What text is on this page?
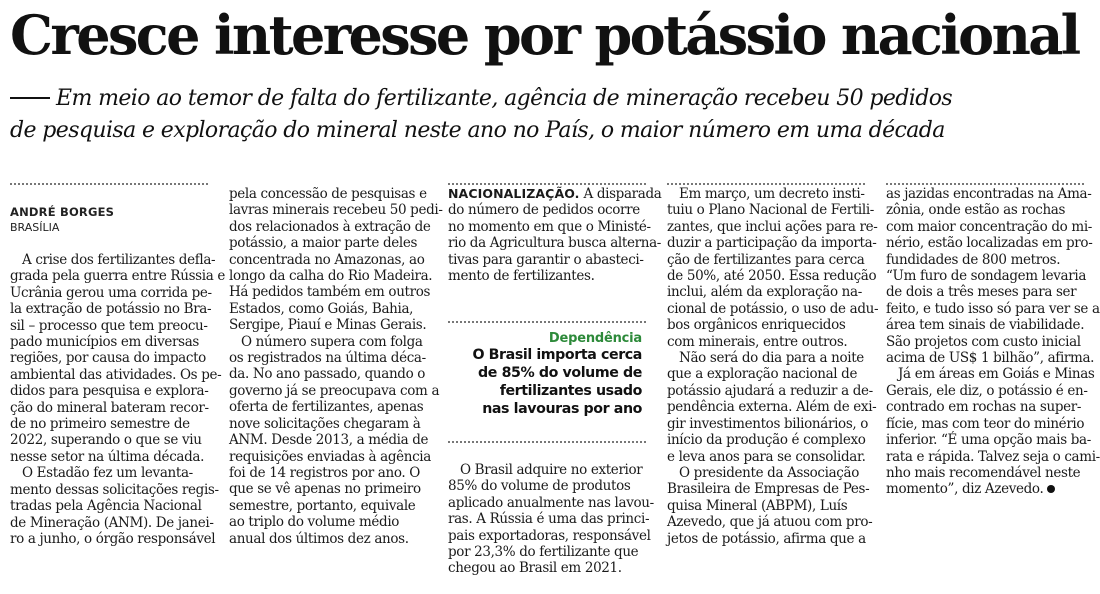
Cresce interesse por potássio nacional
Em meio ao temor de falta do fertilizante, agência de mineração recebeu 50 pedidos
de pesquisa e exploração do mineral neste ano no País, o maior número em uma década
ANDRÉ BORGES
BRASÍLIA
A crise dos fertilizantes defla-
grada pela guerra entre Rússia e
Ucrânia gerou uma corrida pe-
la extração de potássio no Bra-
sil – processo que tem preocu-
pado municípios em diversas
regiões, por causa do impacto
ambiental das atividades. Os pe-
didos para pesquisa e explora-
ção do mineral bateram recor-
de no primeiro semestre de
2022, superando o que se viu
nesse setor na última década.
O Estadão fez um levanta-
mento dessas solicitações regis-
tradas pela Agência Nacional
de Mineração (ANM). De janei-
ro a junho, o órgão responsável
pela concessão de pesquisas e
lavras minerais recebeu 50 pedi-
dos relacionados à extração de
potássio, a maior parte deles
concentrada no Amazonas, ao
longo da calha do Rio Madeira.
Há pedidos também em outros
Estados, como Goiás, Bahia,
Sergipe, Piauí e Minas Gerais.
O número supera com folga
os registrados na última déca-
da. No ano passado, quando o
governo já se preocupava com a
oferta de fertilizantes, apenas
nove solicitações chegaram à
ANM. Desde 2013, a média de
requisições enviadas à agência
foi de 14 registros por ano. O
que se vê apenas no primeiro
semestre, portanto, equivale
ao triplo do volume médio
anual dos últimos dez anos.
NACIONALIZAÇÃO. A disparada
do número de pedidos ocorre
no momento em que o Ministé-
rio da Agricultura busca alterna-
tivas para garantir o abasteci-
mento de fertilizantes.
Dependência
O Brasil importa cerca
de 85% do volume de
fertilizantes usado
nas lavouras por ano
O Brasil adquire no exterior
85% do volume de produtos
aplicado anualmente nas lavou-
ras. A Rússia é uma das princi-
pais exportadoras, responsável
por 23,3% do fertilizante que
chegou ao Brasil em 2021.
Em março, um decreto insti-
tuiu o Plano Nacional de Fertili-
zantes, que inclui ações para re-
duzir a participação da importa-
ção de fertilizantes para cerca
de 50%, até 2050. Essa redução
inclui, além da exploração na-
cional de potássio, o uso de adu-
bos orgânicos enriquecidos
com minerais, entre outros.
Não será do dia para a noite
que a exploração nacional de
potássio ajudará a reduzir a de-
pendência externa. Além de exi-
gir investimentos bilionários, o
início da produção é complexo
e leva anos para se consolidar.
O presidente da Associação
Brasileira de Empresas de Pes-
quisa Mineral (ABPM), Luís
Azevedo, que já atuou com pro-
jetos de potássio, afirma que a
as jazidas encontradas na Ama-
zônia, onde estão as rochas
com maior concentração do mi-
nério, estão localizadas em pro-
fundidades de 800 metros.
“Um furo de sondagem levaria
de dois a três meses para ser
feito, e tudo isso só para ver se a
área tem sinais de viabilidade.
São projetos com custo inicial
acima de US$ 1 bilhão”, afirma.
Já em áreas em Goiás e Minas
Gerais, ele diz, o potássio é en-
contrado em rochas na super-
fície, mas com teor do minério
inferior. “É uma opção mais ba-
rata e rápida. Talvez seja o cami-
nho mais recomendável neste
momento”, diz Azevedo.
